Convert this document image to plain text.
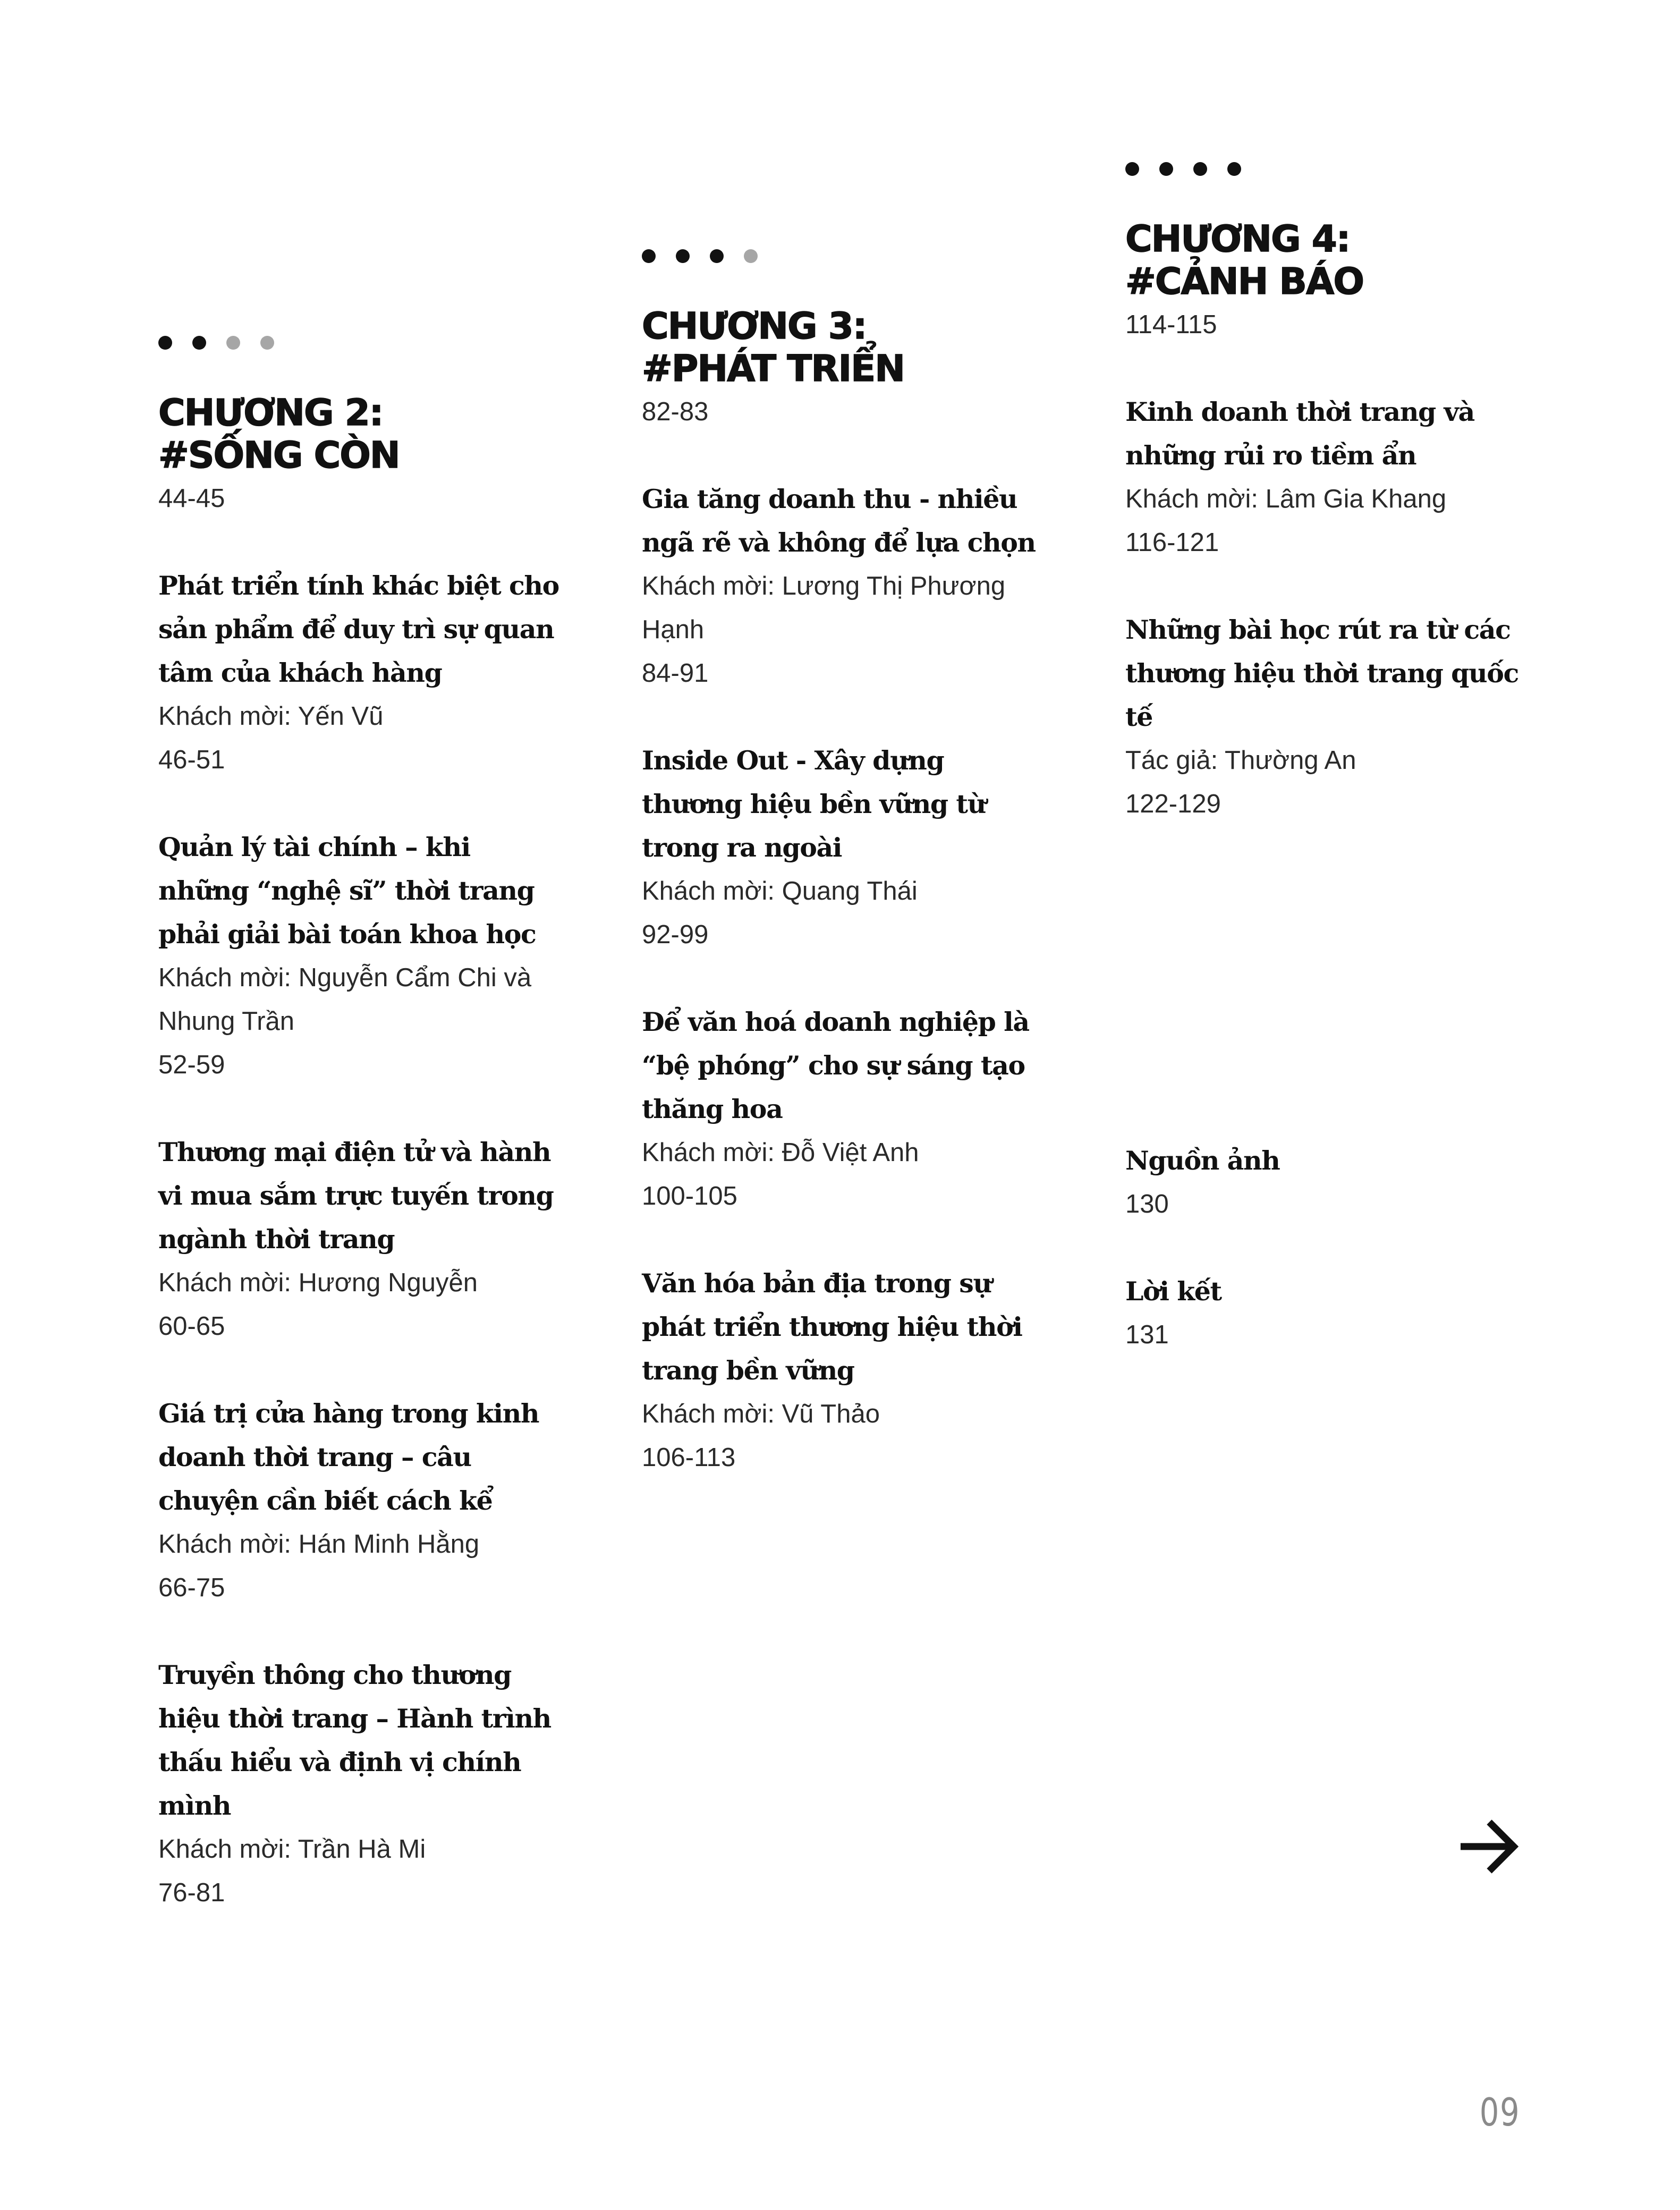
CHƯƠNG 2:
#SỐNG CÒN
44-45
Phát triển tính khác biệt cho sản phẩm để duy trì sự quan tâm của khách hàng
Khách mời: Yến Vũ
46-51
Quản lý tài chính – khi những “nghệ sĩ” thời trang phải giải bài toán khoa học
Khách mời: Nguyễn Cẩm Chi và Nhung Trần
52-59
Thương mại điện tử và hành vi mua sắm trực tuyến trong ngành thời trang
Khách mời: Hương Nguyễn
60-65
Giá trị cửa hàng trong kinh doanh thời trang – câu chuyện cần biết cách kể
Khách mời: Hán Minh Hằng
66-75
Truyền thông cho thương hiệu thời trang – Hành trình thấu hiểu và định vị chính mình
Khách mời: Trần Hà Mi
76-81
CHƯƠNG 3:
#PHÁT TRIỂN
82-83
Gia tăng doanh thu - nhiều ngã rẽ và không để lựa chọn
Khách mời: Lương Thị Phương Hạnh
84-91
Inside Out - Xây dựng thương hiệu bền vững từ trong ra ngoài
Khách mời: Quang Thái
92-99
Để văn hoá doanh nghiệp là “bệ phóng” cho sự sáng tạo thăng hoa
Khách mời: Đỗ Việt Anh
100-105
Văn hóa bản địa trong sự phát triển thương hiệu thời trang bền vững
Khách mời: Vũ Thảo
106-113
CHƯƠNG 4:
#CẢNH BÁO
114-115
Kinh doanh thời trang và những rủi ro tiềm ẩn
Khách mời: Lâm Gia Khang
116-121
Những bài học rút ra từ các thương hiệu thời trang quốc tế
Tác giả: Thường An
122-129
Nguồn ảnh
130
Lời kết
131
09
